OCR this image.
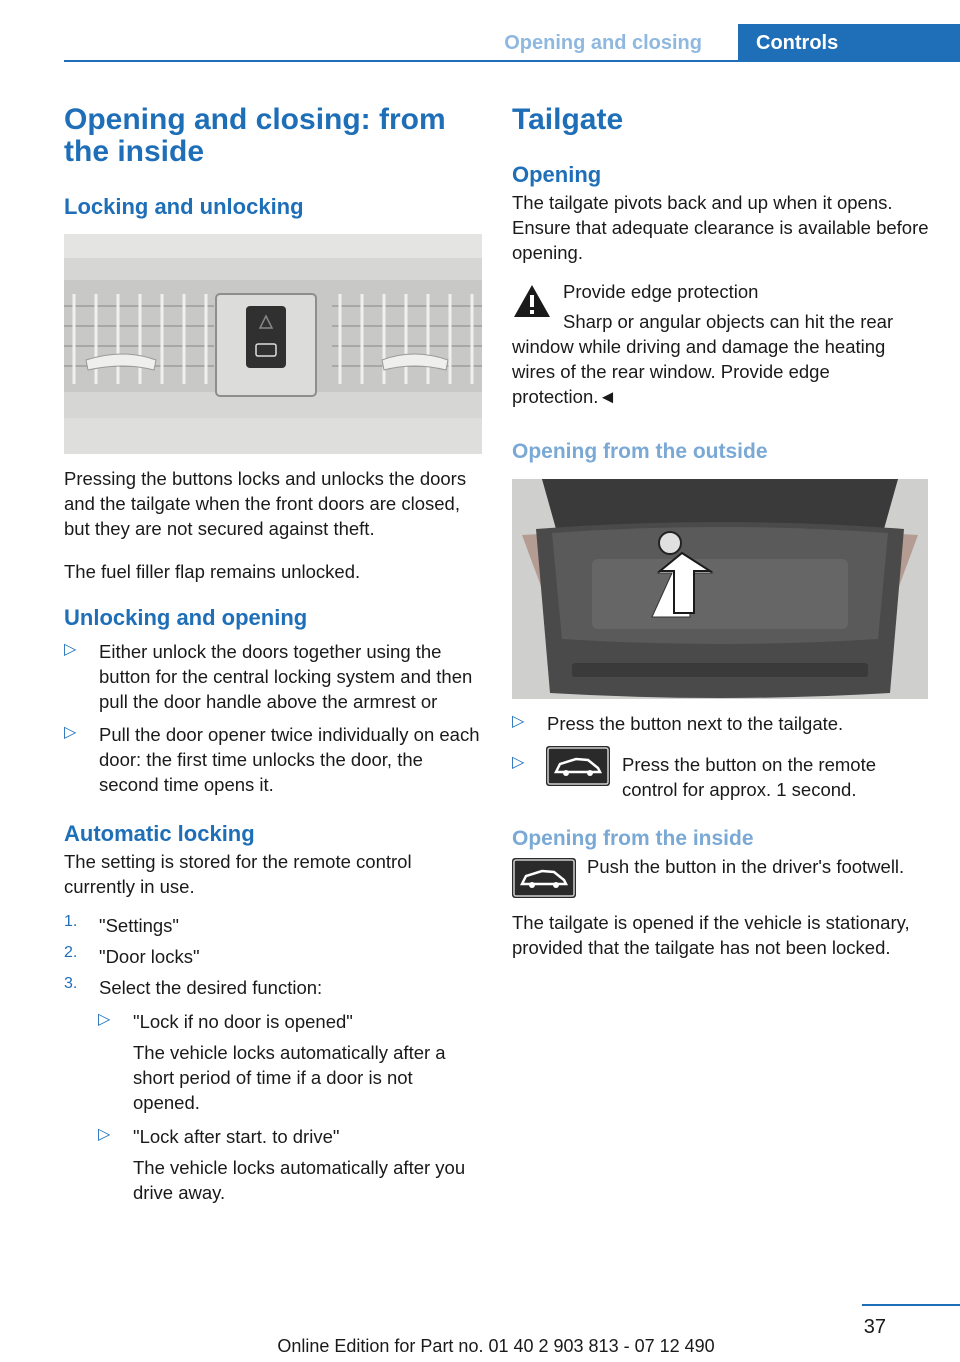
Opening and closing	Controls
Opening and closing: from the inside
Locking and unlocking

Pressing the buttons locks and unlocks the doors and the tailgate when the front doors are closed, but they are not secured against theft.

The fuel filler flap remains unlocked.

Unlocking and opening
▷ Either unlock the doors together using the button for the central locking system and then pull the door handle above the armrest or

▷ Pull the door opener twice individually on each door: the first time unlocks the door, the second time opens it.

Automatic locking

The setting is stored for the remote control currently in use.

1. "Settings"

2. "Door locks"

3. Select the desired function:

▷ "Lock if no door is opened"

The vehicle locks automatically after a short period of time if a door is not opened.

▷ "Lock after start. to drive"

The vehicle locks automatically after you drive away.

Tailgate
Opening

The tailgate pivots back and up when it opens. Ensure that adequate clearance is available before opening.

Provide edge protection

Sharp or angular objects can hit the rear window while driving and damage the heating wires of the rear window. Provide edge protection.◄

Opening from the outside
▷ Press the button next to the tailgate.

▷	Press the button on the remote control for approx. 1 second.

Opening from the inside

Push the button in the driver's footwell.

The tailgate is opened if the vehicle is stationary, provided that the tailgate has not been locked.

37
Online Edition for Part no. 01 40 2 903 813 - 07 12 490
